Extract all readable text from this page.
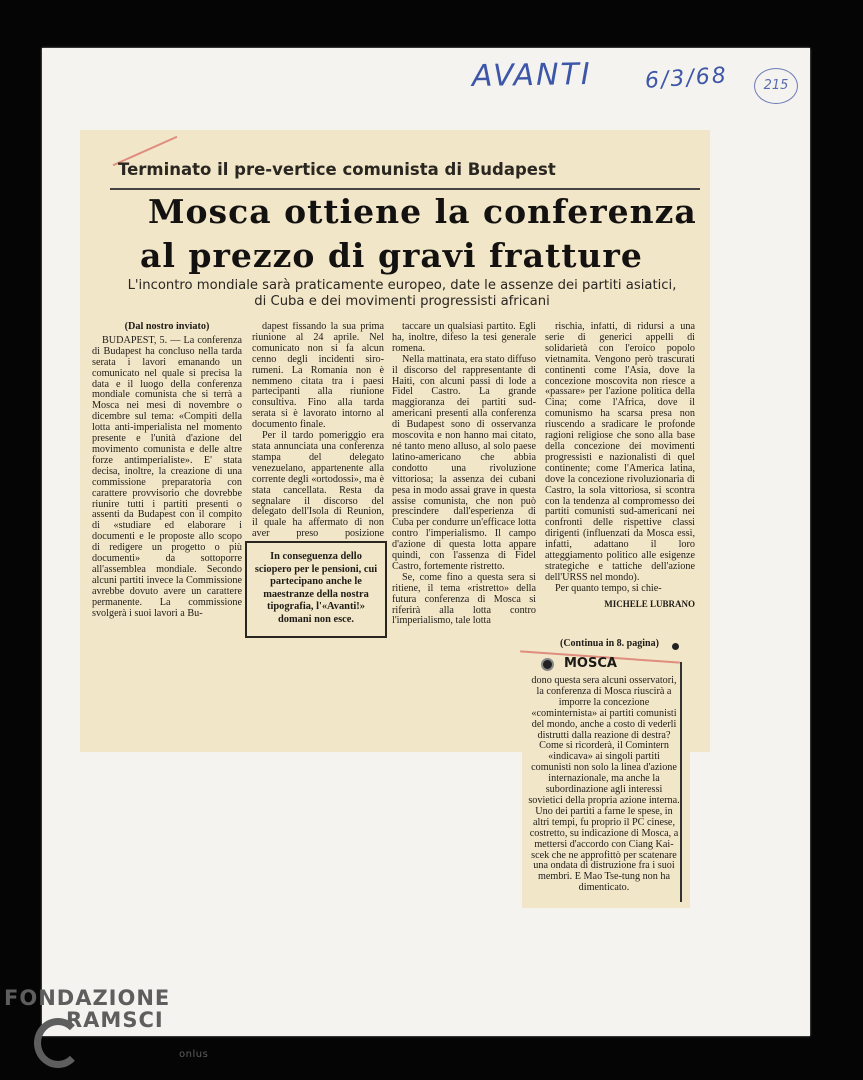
AVANTI 6/3/68	215
Terminato il pre-vertice comunista di Budapest
Mosca ottiene la conferenza
al prezzo di gravi fratture
L'incontro mondiale sarà praticamente europeo, date le assenze dei partiti asiatici,
di Cuba e dei movimenti progressisti africani

(Dal nostro inviato)

BUDAPEST, 5. — La conferenza di Budapest ha concluso nella tarda serata i lavori emanando un comunicato nel quale si precisa la data e il luogo della conferenza mondiale comunista che si terrà a Mosca nei mesi di novembre o dicembre sul tema: «Compiti della lotta anti-imperialista nel momento presente e l'unità d'azione del movimento comunista e delle altre forze antimperialiste». E' stata decisa, inoltre, la creazione di una commissione preparatoria con carattere provvisorio che dovrebbe riunire tutti i partiti presenti o assenti da Budapest con il compito di «studiare ed elaborare i documenti e le proposte allo scopo di redigere un progetto o più documenti» da sottoporre all'assemblea mondiale. Secondo alcuni partiti invece la Commissione avrebbe dovuto avere un carattere permanente. La commissione svolgerà i suoi lavori a Bu-

dapest fissando la sua prima riunione al 24 aprile. Nel comunicato non si fa alcun cenno degli incidenti siro-rumeni. La Romania non è nemmeno citata tra i paesi partecipanti alla riunione consultiva. Fino alla tarda serata si è lavorato intorno al documento finale.

Per il tardo pomeriggio era stata annunciata una conferenza stampa del delegato venezuelano, appartenente alla corrente degli «ortodossi», ma è stata cancellata. Resta da segnalare il discorso del delegato dell'Isola di Reunion, il quale ha affermato di non aver preso posizione

In conseguenza dello sciopero per le pensioni, cui partecipano anche le maestranze della nostra tipografia, l'«Avanti!» domani non esce.

taccare un qualsiasi partito. Egli ha, inoltre, difeso la tesi generale romena.

Nella mattinata, era stato diffuso il discorso del rappresentante di Haiti, con alcuni passi di lode a Fidel Castro. La grande maggioranza dei partiti sud-americani presenti alla conferenza di Budapest sono di osservanza moscovita e non hanno mai citato, né tanto meno alluso, al solo paese latino-americano che abbia condotto una rivoluzione vittoriosa; la assenza dei cubani pesa in modo assai grave in questa assise comunista, che non può prescindere dall'esperienza di Cuba per condurre un'efficace lotta contro l'imperialismo. Il campo d'azione di questa lotta appare quindi, con l'assenza di Fidel Castro, fortemente ristretto.

Se, come fino a questa sera si ritiene, il tema «ristretto» della futura conferenza di Mosca si riferirà alla lotta contro l'imperialismo, tale lotta

rischia, infatti, di ridursi a una serie di generici appelli di solidarietà con l'eroico popolo vietnamita. Vengono però trascurati continenti come l'Asia, dove la concezione moscovita non riesce a «passare» per l'azione politica della Cina; come l'Africa, dove il comunismo ha scarsa presa non riuscendo a sradicare le profonde ragioni religiose che sono alla base della concezione dei movimenti progressisti e nazionalisti di quel continente; come l'America latina, dove la concezione rivoluzionaria di Castro, la sola vittoriosa, si scontra con la tendenza al compromesso dei partiti comunisti sud-americani nei confronti delle rispettive classi dirigenti (influenzati da Mosca essi, infatti, adattano il loro atteggiamento politico alle esigenze strategiche e tattiche dell'azione dell'URSS nel mondo).

Per quanto tempo, si chie-

MICHELE LUBRANO

(Continua in 8. pagina)
MOSCA
dono questa sera alcuni osservatori, la conferenza di Mosca riuscirà a imporre la concezione «cominternista» ai partiti comunisti del mondo, anche a costo di vederli distrutti dalla reazione di destra? Come si ricorderà, il Comintern «indicava» ai singoli partiti comunisti non solo la linea d'azione internazionale, ma anche la subordinazione agli interessi sovietici della propria azione interna. Uno dei partiti a farne le spese, in altri tempi, fu proprio il PC cinese, costretto, su indicazione di Mosca, a mettersi d'accordo con Ciang Kai-scek che ne approfittò per scatenare una ondata di distruzione fra i suoi membri. E Mao Tse-tung non ha dimenticato.
FONDAZIONE
RAMSCI
onlus
